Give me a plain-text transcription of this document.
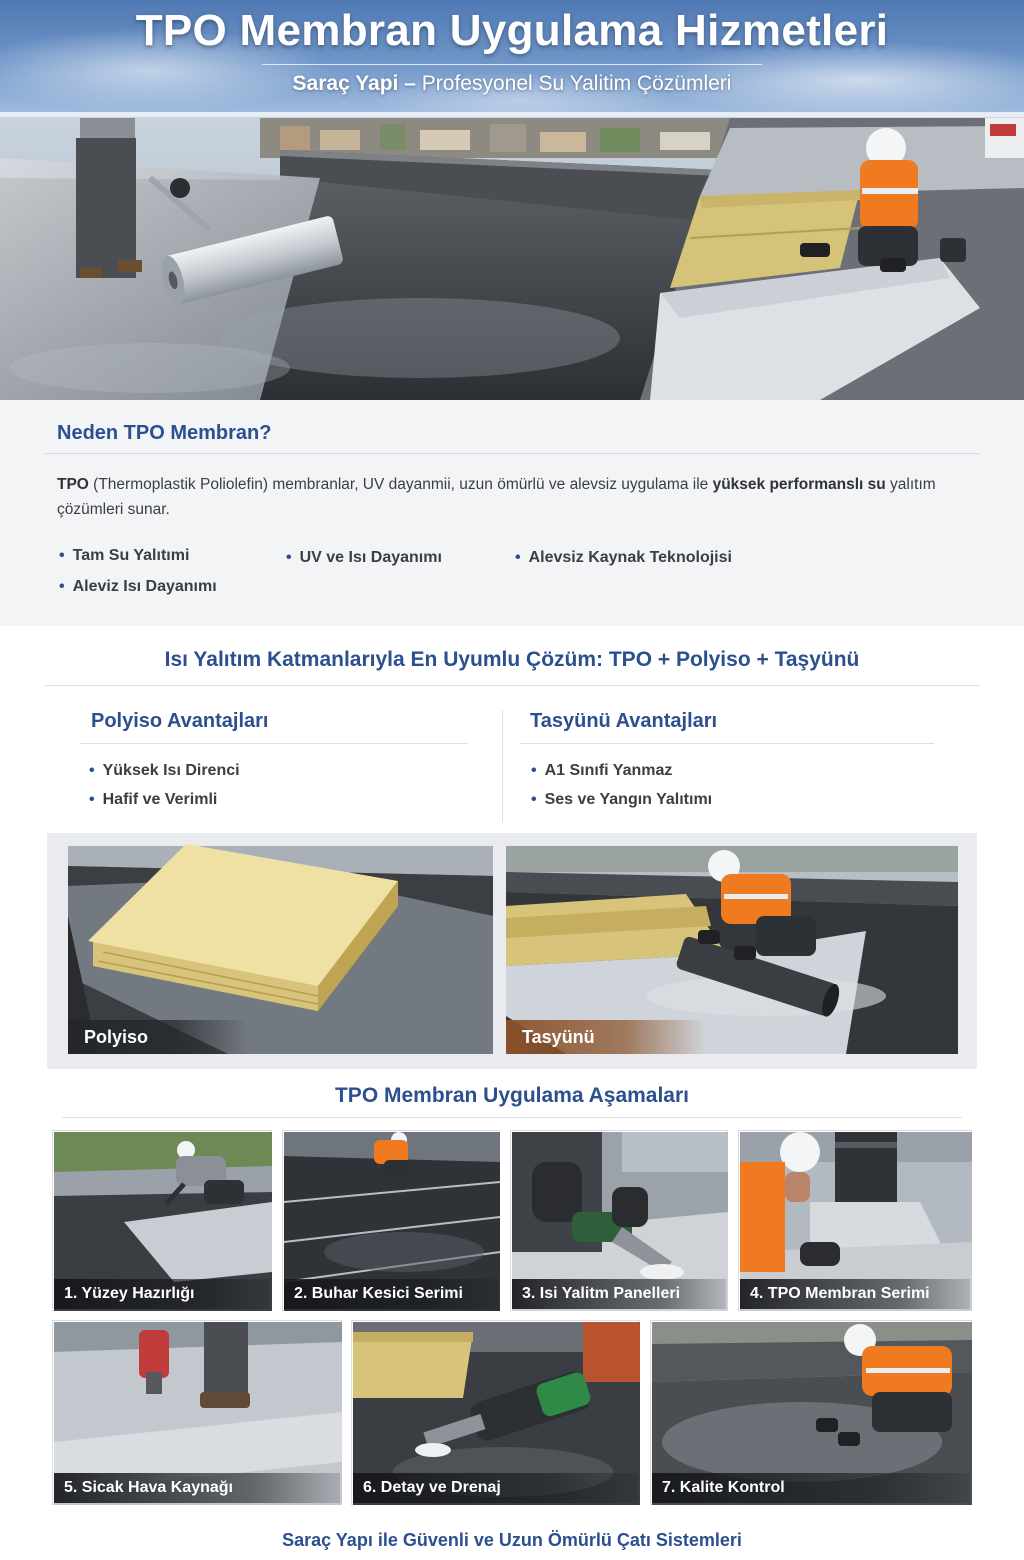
TPO Membran Uygulama Hizmetleri
Saraç Yapi – Profesyonel Su Yalitim Çözümleri
Neden TPO Membran?
TPO (Thermoplastik Poliolefin) membranlar, UV dayanmii, uzun ömürlü ve alevsiz uygulama ile yüksek performanslı su yalıtım çözümleri sunar.
• Tam Su Yalıtımi	• UV ve Isı Dayanımı	• Alevsiz Kaynak Teknolojisi
• Aleviz Isı Dayanımı
Isı Yalıtım Katmanlarıyla En Uyumlu Çözüm: TPO + Polyiso + Taşyünü
Polyiso Avantajları
• Yüksek Isı Direnci
• Hafif ve Verimli
Tasyünü Avantajları
• A1 Sınıfi Yanmaz
• Ses ve Yangın Yalıtımı
Polyiso	Tasyünü
TPO Membran Uygulama Aşamaları
1. Yüzey Hazırlığı	2. Buhar Kesici Serimi	3. Isi Yalitm Panelleri	4. TPO Membran Serimi
5. Sicak Hava Kaynağı	6. Detay ve Drenaj	7. Kalite Kontrol
Saraç Yapı ile Güvenli ve Uzun Ömürlü Çatı Sistemleri
